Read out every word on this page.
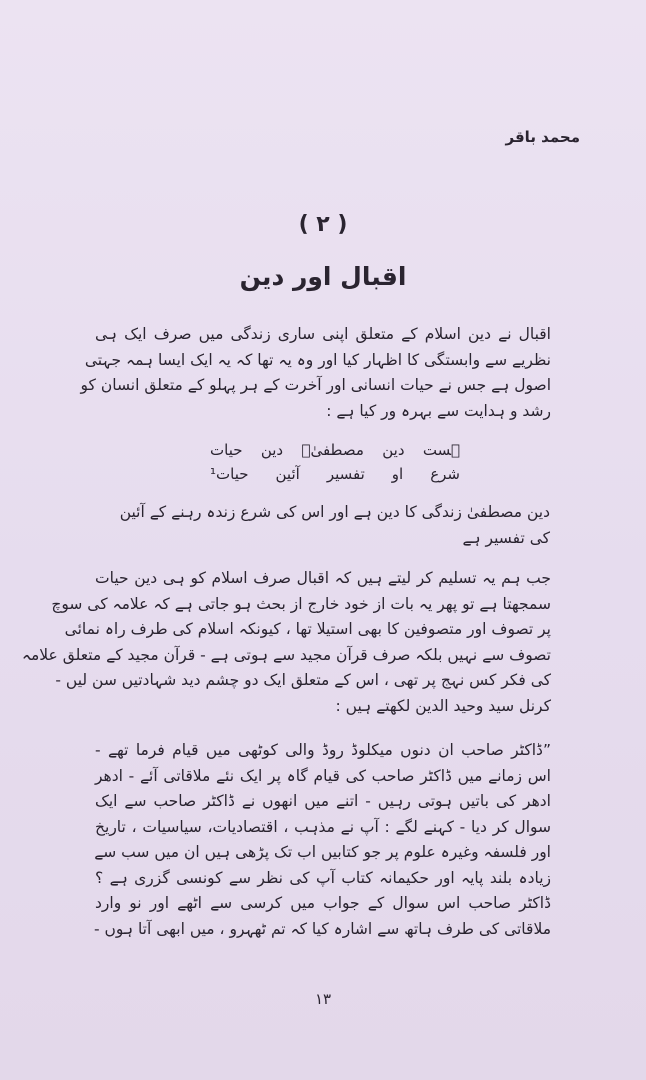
محمد باقر
( ۲ )
اقبال اور دین
اقبال نے دین اسلام کے متعلق اپنی ساری زندگی میں صرف ایک ہی
نظریے سے وابستگی کا اظہار کیا اور وہ یہ تھا کہ یہ ایک ایسا ہمہ جہتی
اصول ہے جس نے حیات انسانی اور آخرت کے ہر پہلو کے متعلق انسان کو
رشد و ہدایت سے بہرہ ور کیا ہے :
ہست دین مصطفیٰؐ دین حیات
شرع او تفسیر آئین حیات¹
دین مصطفیٰ زندگی کا دین ہے اور اس کی شرع زندہ رہنے کے آئین
کی تفسیر ہے
جب ہم یہ تسلیم کر لیتے ہیں کہ اقبال صرف اسلام کو ہی دین حیات
سمجھتا ہے تو پھر یہ بات از خود خارج از بحث ہو جاتی ہے کہ علامہ کی سوچ
پر تصوف اور متصوفین کا بھی استیلا تھا ، کیونکہ اسلام کی طرف راہ نمائی
تصوف سے نہیں بلکہ صرف قرآن مجید سے ہوتی ہے - قرآن مجید کے متعلق علامہ
کی فکر کس نہج پر تھی ، اس کے متعلق ایک دو چشم دید شہادتیں سن لیں -
کرنل سید وحید الدین لکھتے ہیں :
”ڈاکٹر صاحب ان دنوں میکلوڈ روڈ والی کوٹھی میں قیام فرما تھے -
اس زمانے میں ڈاکٹر صاحب کی قیام گاہ پر ایک نئے ملاقاتی آئے - ادھر
ادھر کی باتیں ہوتی رہیں - اتنے میں انھوں نے ڈاکٹر صاحب سے ایک
سوال کر دیا - کہنے لگے : آپ نے مذہب ، اقتصادیات، سیاسیات ، تاریخ
اور فلسفہ وغیرہ علوم پر جو کتابیں اب تک پڑھی ہیں ان میں سب سے
زیادہ بلند پایہ اور حکیمانہ کتاب آپ کی نظر سے کونسی گزری ہے ؟
ڈاکٹر صاحب اس سوال کے جواب میں کرسی سے اٹھے اور نو وارد
ملاقاتی کی طرف ہاتھ سے اشارہ کیا کہ تم ٹھہرو ، میں ابھی آتا ہوں -
۱۳
